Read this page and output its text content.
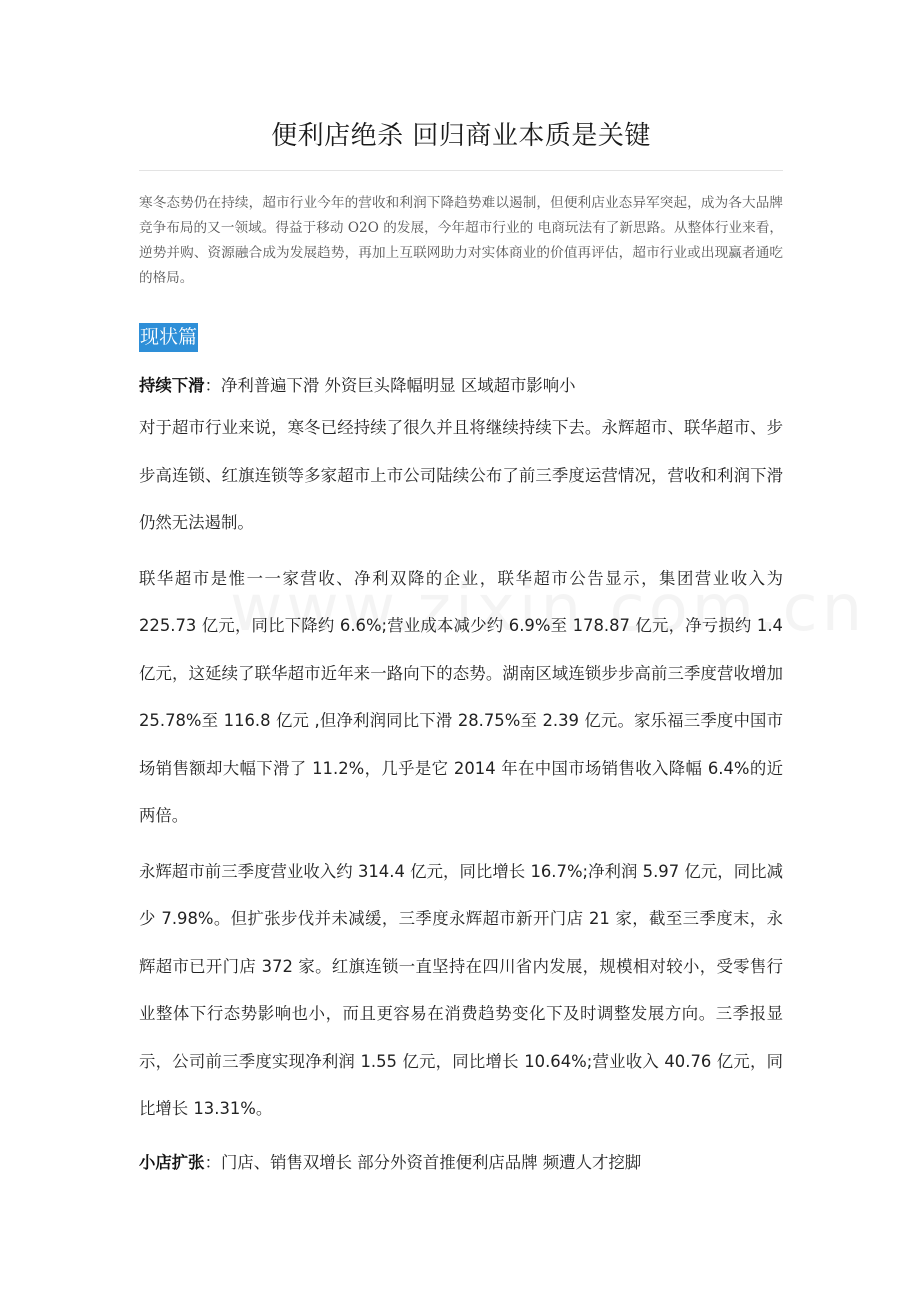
便利店绝杀 回归商业本质是关键

寒冬态势仍在持续，超市行业今年的营收和利润下降趋势难以遏制，但便利店业态异军突起，成为各大品牌竞争布局的又一领域。得益于移动 O2O 的发展，今年超市行业的 电商玩法有了新思路。从整体行业来看，逆势并购、资源融合成为发展趋势，再加上互联网助力对实体商业的价值再评估，超市行业或出现赢者通吃的格局。

现状篇
持续下滑：净利普遍下滑 外资巨头降幅明显 区域超市影响小

对于超市行业来说，寒冬已经持续了很久并且将继续持续下去。永辉超市、联华超市、步步高连锁、红旗连锁等多家超市上市公司陆续公布了前三季度运营情况，营收和利润下滑仍然无法遏制。

联华超市是惟一一家营收、净利双降的企业，联华超市公告显示，集团营业收入为 225.73 亿元，同比下降约 6.6%;营业成本减少约 6.9%至 178.87 亿元，净亏损约 1.4 亿元，这延续了联华超市近年来一路向下的态势。湖南区域连锁步步高前三季度营收增加 25.78%至 116.8 亿元 ,但净利润同比下滑 28.75%至 2.39 亿元。家乐福三季度中国市场销售额却大幅下滑了 11.2%，几乎是它 2014 年在中国市场销售收入降幅 6.4%的近两倍。

永辉超市前三季度营业收入约 314.4 亿元，同比增长 16.7%;净利润 5.97 亿元，同比减少 7.98%。但扩张步伐并未减缓，三季度永辉超市新开门店 21 家，截至三季度末，永辉超市已开门店 372 家。红旗连锁一直坚持在四川省内发展，规模相对较小，受零售行业整体下行态势影响也小，而且更容易在消费趋势变化下及时调整发展方向。三季报显示，公司前三季度实现净利润 1.55 亿元，同比增长 10.64%;营业收入 40.76 亿元，同比增长 13.31%。

小店扩张：门店、销售双增长 部分外资首推便利店品牌 频遭人才挖脚
